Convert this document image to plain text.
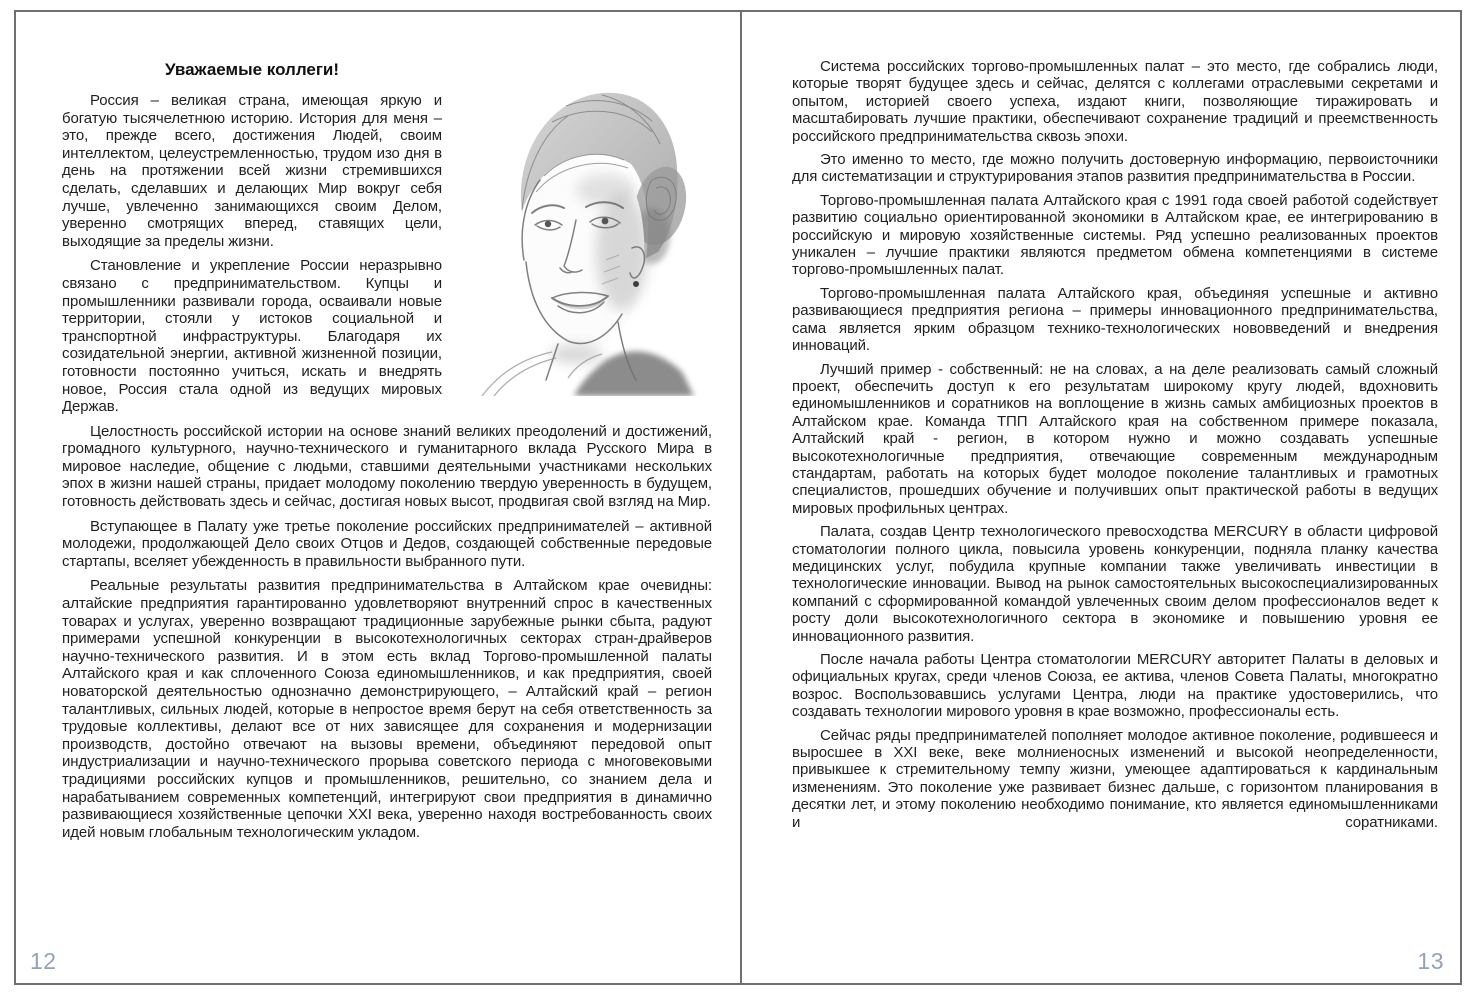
Уважаемые коллеги!

Россия – великая страна, имеющая яркую и богатую тысячелетнюю историю. История для меня – это, прежде всего, достижения Людей, своим интеллектом, целеустремленностью, трудом изо дня в день на протяжении всей жизни стремившихся сделать, сделавших и делающих Мир вокруг себя лучше, увлеченно занимающихся своим Делом, уверенно смотрящих вперед, ставящих цели, выходящие за пределы жизни.

Становление и укрепление России неразрывно связано с предпринимательством. Купцы и промышленники развивали города, осваивали новые территории, стояли у истоков социальной и транспортной инфраструктуры. Благодаря их созидательной энергии, активной жизненной позиции, готовности постоянно учиться, искать и внедрять новое, Россия стала одной из ведущих мировых Держав.

Целостность российской истории на основе знаний великих преодолений и достижений, громадного культурного, научно-технического и гуманитарного вклада Русского Мира в мировое наследие, общение с людьми, ставшими деятельными участниками нескольких эпох в жизни нашей страны, придает молодому поколению твердую уверенность в будущем, готовность действовать здесь и сейчас, достигая новых высот, продвигая свой взгляд на Мир.

Вступающее в Палату уже третье поколение российских предпринимателей – активной молодежи, продолжающей Дело своих Отцов и Дедов, создающей собственные передовые стартапы, вселяет убежденность в правильности выбранного пути.

Реальные результаты развития предпринимательства в Алтайском крае очевидны: алтайские предприятия гарантированно удовлетворяют внутренний спрос в качественных товарах и услугах, уверенно возвращают традиционные зарубежные рынки сбыта, радуют примерами успешной конкуренции в высокотехнологичных секторах стран-драйверов научно-технического развития. И в этом есть вклад Торгово-промышленной палаты Алтайского края и как сплоченного Союза единомышленников, и как предприятия, своей новаторской деятельностью однозначно демонстрирующего, – Алтайский край – регион талантливых, сильных людей, которые в непростое время берут на себя ответственность за трудовые коллективы, делают все от них зависящее для сохранения и модернизации производств, достойно отвечают на вызовы времени, объединяют передовой опыт индустриализации и научно-технического прорыва советского периода с многовековыми традициями российских купцов и промышленников, решительно, со знанием дела и нарабатыванием современных компетенций, интегрируют свои предприятия в динамично развивающиеся хозяйственные цепочки XXI века, уверенно находя востребованность своих идей новым глобальным технологическим укладом.

12

Система российских торгово-промышленных палат – это место, где собрались люди, которые творят будущее здесь и сейчас, делятся с коллегами отраслевыми секретами и опытом, историей своего успеха, издают книги, позволяющие тиражировать и масштабировать лучшие практики, обеспечивают сохранение традиций и преемственность российского предпринимательства сквозь эпохи.

Это именно то место, где можно получить достоверную информацию, первоисточники для систематизации и структурирования этапов развития предпринимательства в России.

Торгово-промышленная палата Алтайского края с 1991 года своей работой содействует развитию социально ориентированной экономики в Алтайском крае, ее интегрированию в российскую и мировую хозяйственные системы. Ряд успешно реализованных проектов уникален – лучшие практики являются предметом обмена компетенциями в системе торгово-промышленных палат.

Торгово-промышленная палата Алтайского края, объединяя успешные и активно развивающиеся предприятия региона – примеры инновационного предпринимательства, сама является ярким образцом технико-технологических нововведений и внедрения инноваций.

Лучший пример - собственный: не на словах, а на деле реализовать самый сложный проект, обеспечить доступ к его результатам широкому кругу людей, вдохновить единомышленников и соратников на воплощение в жизнь самых амбициозных проектов в Алтайском крае. Команда ТПП Алтайского края на собственном примере показала, Алтайский край - регион, в котором нужно и можно создавать успешные высокотехнологичные предприятия, отвечающие современным международным стандартам, работать на которых будет молодое поколение талантливых и грамотных специалистов, прошедших обучение и получивших опыт практической работы в ведущих мировых профильных центрах.

Палата, создав Центр технологического превосходства MERCURY в области цифровой стоматологии полного цикла, повысила уровень конкуренции, подняла планку качества медицинских услуг, побудила крупные компании также увеличивать инвестиции в технологические инновации. Вывод на рынок самостоятельных высокоспециализированных компаний с сформированной командой увлеченных своим делом профессионалов ведет к росту доли высокотехнологичного сектора в экономике и повышению уровня ее инновационного развития.

После начала работы Центра стоматологии MERCURY авторитет Палаты в деловых и официальных кругах, среди членов Союза, ее актива, членов Совета Палаты, многократно возрос. Воспользовавшись услугами Центра, люди на практике удостоверились, что создавать технологии мирового уровня в крае возможно, профессионалы есть.

Сейчас ряды предпринимателей пополняет молодое активное поколение, родившееся и выросшее в XXI веке, веке молниеносных изменений и высокой неопределенности, привыкшее к стремительному темпу жизни, умеющее адаптироваться к кардинальным изменениям. Это поколение уже развивает бизнес дальше, с горизонтом планирования в десятки лет, и этому поколению необходимо понимание, кто является единомышленниками и соратниками.

13
